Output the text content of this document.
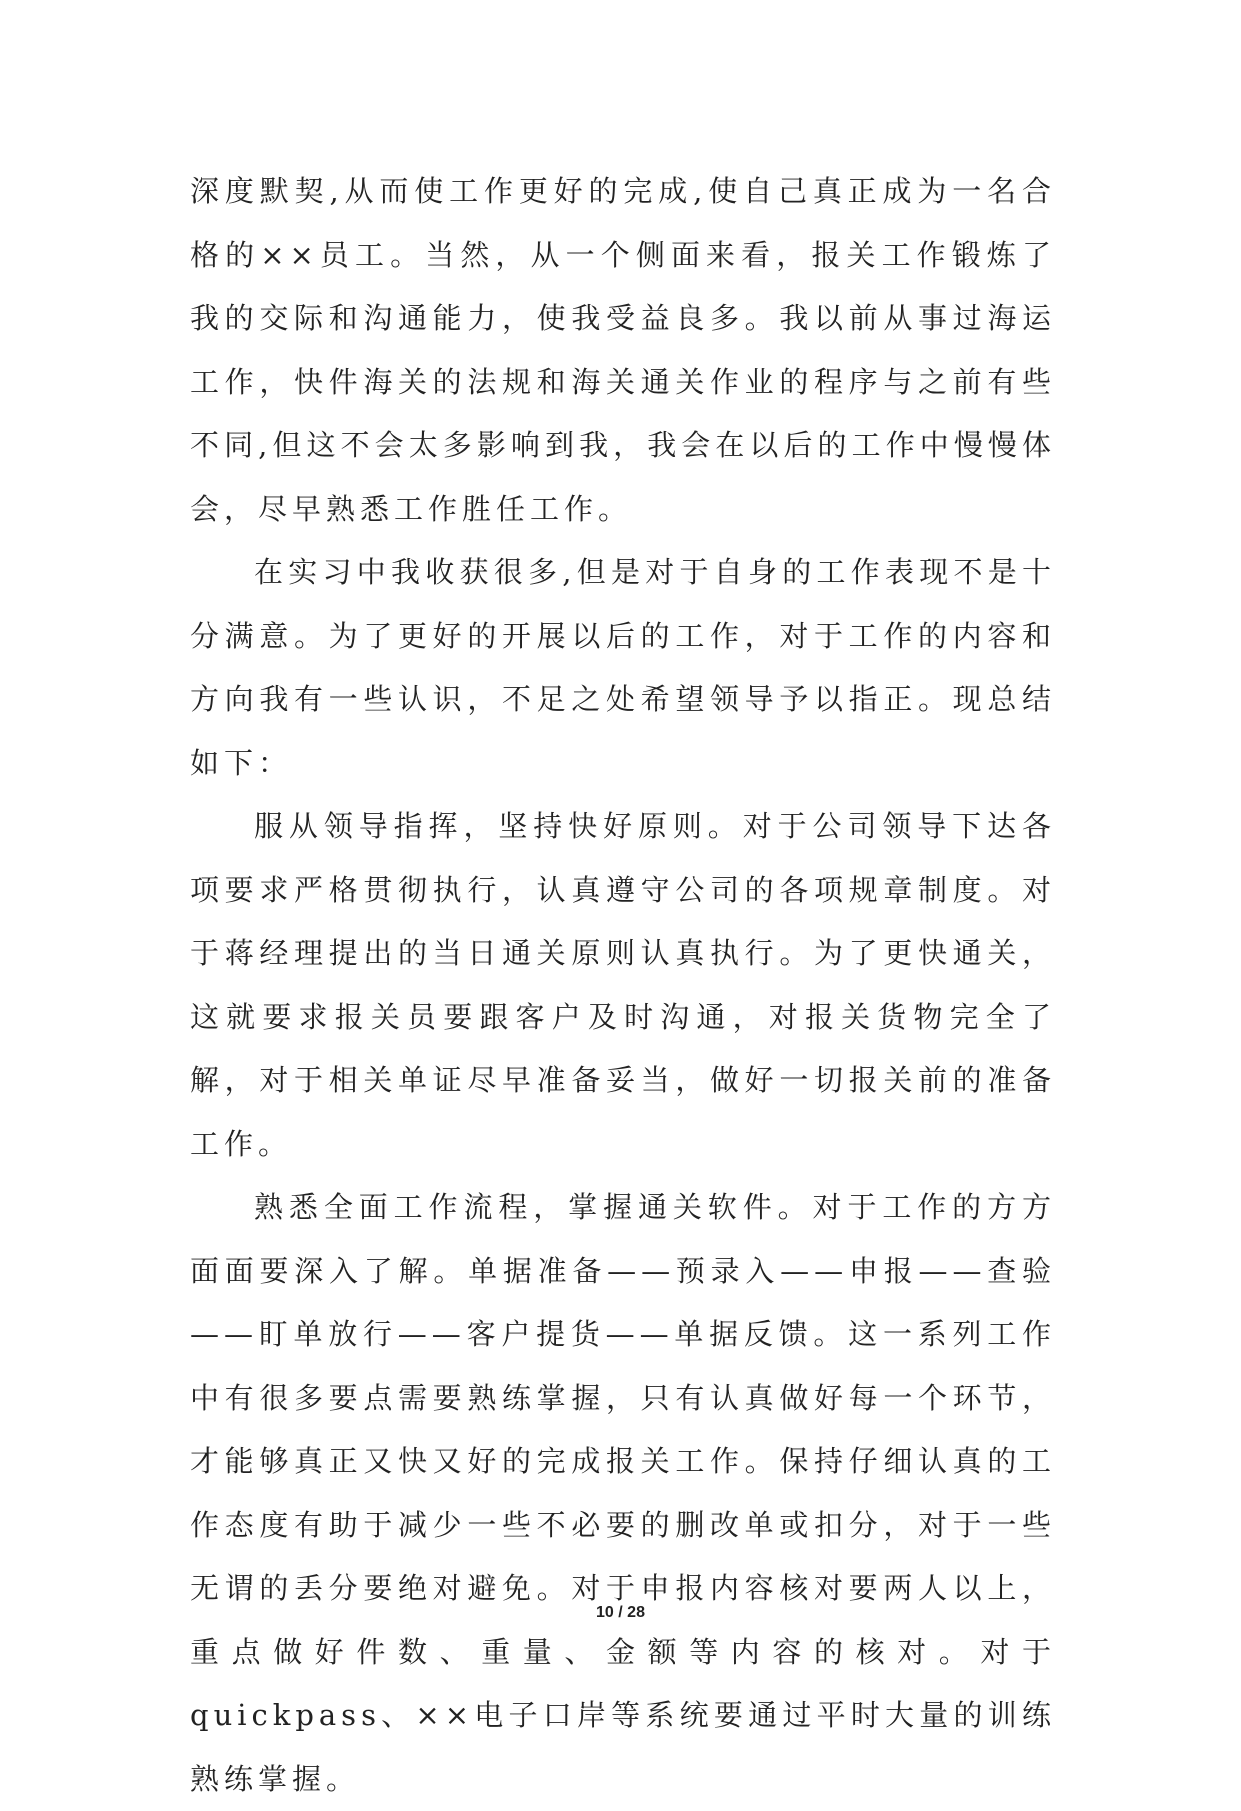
深度默契,从而使工作更好的完成,使自己真正成为一名合格的××员工。当然，从一个侧面来看，报关工作锻炼了我的交际和沟通能力，使我受益良多。我以前从事过海运工作，快件海关的法规和海关通关作业的程序与之前有些不同,但这不会太多影响到我，我会在以后的工作中慢慢体会，尽早熟悉工作胜任工作。

在实习中我收获很多,但是对于自身的工作表现不是十分满意。为了更好的开展以后的工作，对于工作的内容和方向我有一些认识，不足之处希望领导予以指正。现总结如下：

服从领导指挥，坚持快好原则。对于公司领导下达各项要求严格贯彻执行，认真遵守公司的各项规章制度。对于蒋经理提出的当日通关原则认真执行。为了更快通关，这就要求报关员要跟客户及时沟通，对报关货物完全了解，对于相关单证尽早准备妥当，做好一切报关前的准备工作。

熟悉全面工作流程，掌握通关软件。对于工作的方方面面要深入了解。单据准备——预录入——申报——查验——盯单放行——客户提货——单据反馈。这一系列工作中有很多要点需要熟练掌握，只有认真做好每一个环节，才能够真正又快又好的完成报关工作。保持仔细认真的工作态度有助于减少一些不必要的删改单或扣分，对于一些无谓的丢分要绝对避免。对于申报内容核对要两人以上，重点做好件数、重量、金额等内容的核对。对于quickpass、××电子口岸等系统要通过平时大量的训练熟练掌握。

10 / 28
